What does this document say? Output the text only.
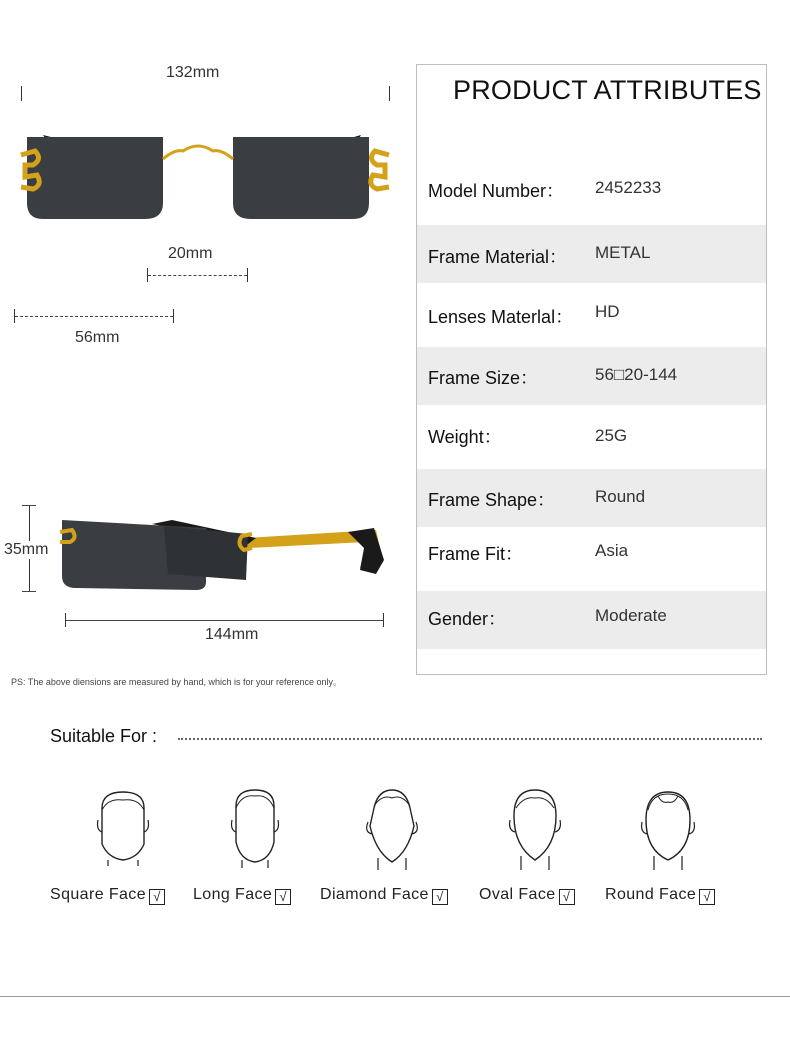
132mm
20mm
56mm
35mm
144mm
PS: The above diensions are measured by hand, which is for your reference only。
PRODUCT ATTRIBUTES
Model Number： 2452233
Frame Material： METAL
Lenses Materlal： HD
Frame Size：	56□20-144
Weight：	25G
Frame Shape： Round
Frame Fit：	Asia
Gender：	Moderate
Suitable For :
Square Face √ Long Face √ Diamond Face √ Oval Face √ Round Face √
